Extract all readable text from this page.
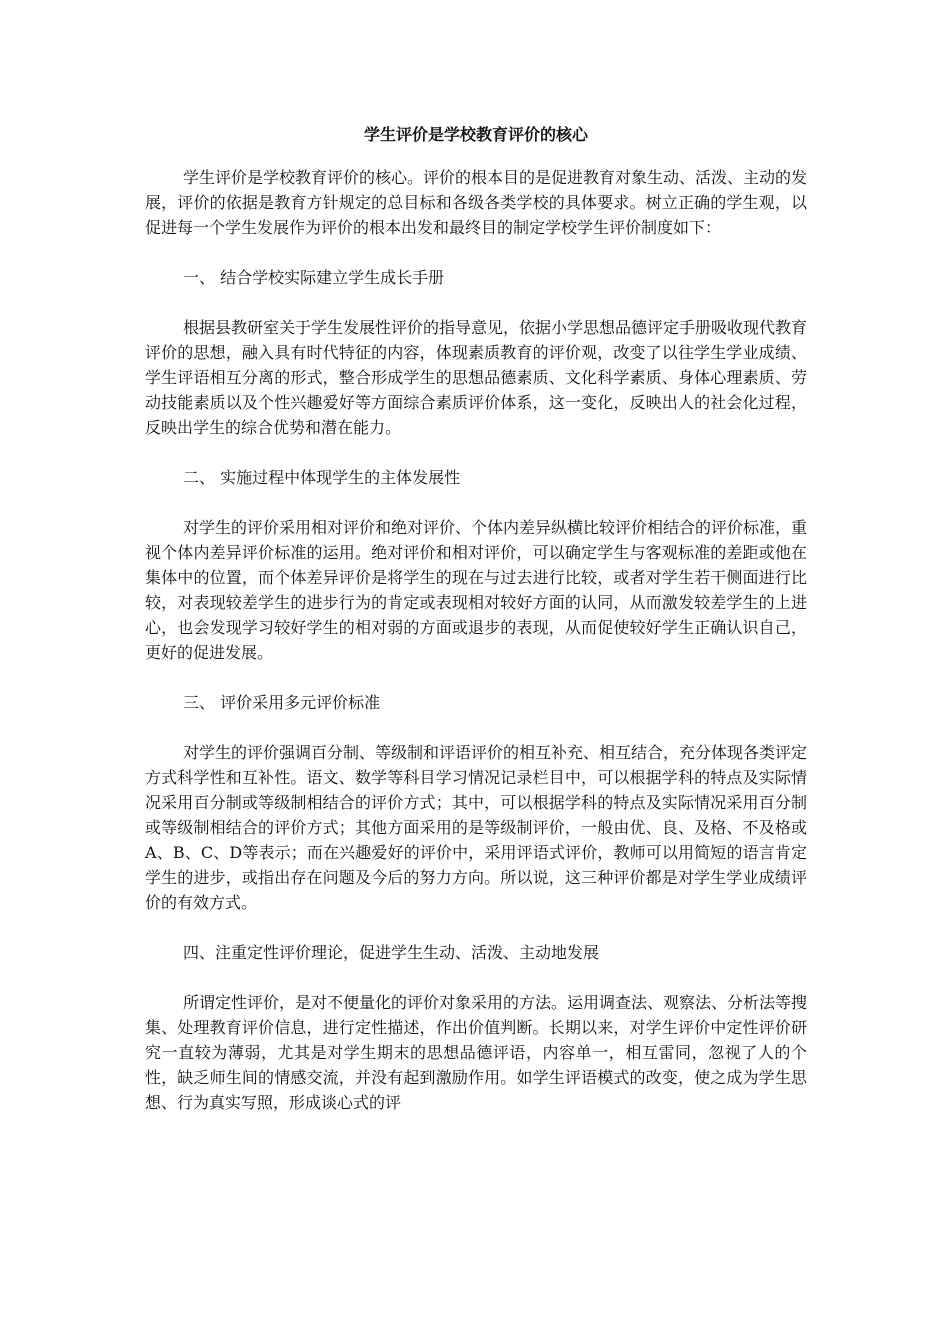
学生评价是学校教育评价的核心

学生评价是学校教育评价的核心。评价的根本目的是促进教育对象生动、活泼、主动的发展，评价的依据是教育方针规定的总目标和各级各类学校的具体要求。树立正确的学生观，以促进每一个学生发展作为评价的根本出发和最终目的制定学校学生评价制度如下：

一、 结合学校实际建立学生成长手册

根据县教研室关于学生发展性评价的指导意见，依据小学思想品德评定手册吸收现代教育评价的思想，融入具有时代特征的内容，体现素质教育的评价观，改变了以往学生学业成绩、学生评语相互分离的形式，整合形成学生的思想品德素质、文化科学素质、身体心理素质、劳动技能素质以及个性兴趣爱好等方面综合素质评价体系，这一变化，反映出人的社会化过程，反映出学生的综合优势和潜在能力。

二、 实施过程中体现学生的主体发展性

对学生的评价采用相对评价和绝对评价、个体内差异纵横比较评价相结合的评价标准，重视个体内差异评价标准的运用。绝对评价和相对评价，可以确定学生与客观标准的差距或他在集体中的位置，而个体差异评价是将学生的现在与过去进行比较，或者对学生若干侧面进行比较，对表现较差学生的进步行为的肯定或表现相对较好方面的认同，从而激发较差学生的上进心，也会发现学习较好学生的相对弱的方面或退步的表现，从而促使较好学生正确认识自己，更好的促进发展。

三、 评价采用多元评价标准

对学生的评价强调百分制、等级制和评语评价的相互补充、相互结合，充分体现各类评定方式科学性和互补性。语文、数学等科目学习情况记录栏目中，可以根据学科的特点及实际情况采用百分制或等级制相结合的评价方式；其中，可以根据学科的特点及实际情况采用百分制或等级制相结合的评价方式；其他方面采用的是等级制评价，一般由优、良、及格、不及格或A、B、C、D等表示；而在兴趣爱好的评价中，采用评语式评价，教师可以用简短的语言肯定学生的进步，或指出存在问题及今后的努力方向。所以说，这三种评价都是对学生学业成绩评价的有效方式。

四、注重定性评价理论，促进学生生动、活泼、主动地发展

所谓定性评价，是对不便量化的评价对象采用的方法。运用调查法、观察法、分析法等搜集、处理教育评价信息，进行定性描述，作出价值判断。长期以来，对学生评价中定性评价研究一直较为薄弱，尤其是对学生期末的思想品德评语，内容单一，相互雷同，忽视了人的个性，缺乏师生间的情感交流，并没有起到激励作用。如学生评语模式的改变，使之成为学生思想、行为真实写照，形成谈心式的评
